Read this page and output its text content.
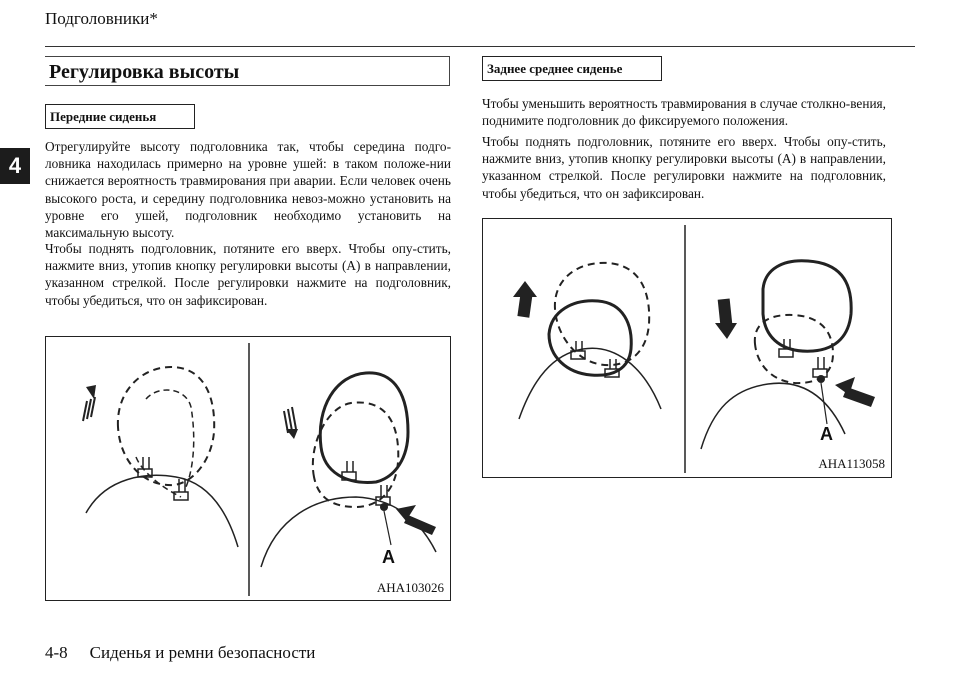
Подголовники*
4
Регулировка высоты
Передние сиденья
Отрегулируйте высоту подголовника так, чтобы середина подго-ловника находилась примерно на уровне ушей: в таком положе-нии снижается вероятность травмирования при аварии. Если человек очень высокого роста, и середину подголовника невоз-можно установить на уровне его ушей, подголовник необходимо установить на максимальную высоту.
Чтобы поднять подголовник, потяните его вверх. Чтобы опу-стить, нажмите вниз, утопив кнопку регулировки высоты (A) в направлении, указанном стрелкой. После регулировки нажмите на подголовник, чтобы убедиться, что он зафиксирован.
A
AHA103026
Заднее среднее сиденье
Чтобы уменьшить вероятность травмирования в случае столкно-вения, поднимите подголовник до фиксируемого положения.
Чтобы поднять подголовник, потяните его вверх. Чтобы опу-стить, нажмите вниз, утопив кнопку регулировки высоты (A) в направлении, указанном стрелкой. После регулировки нажмите на подголовник, чтобы убедиться, что он зафиксирован.
A
AHA113058
4-8 Сиденья и ремни безопасности
